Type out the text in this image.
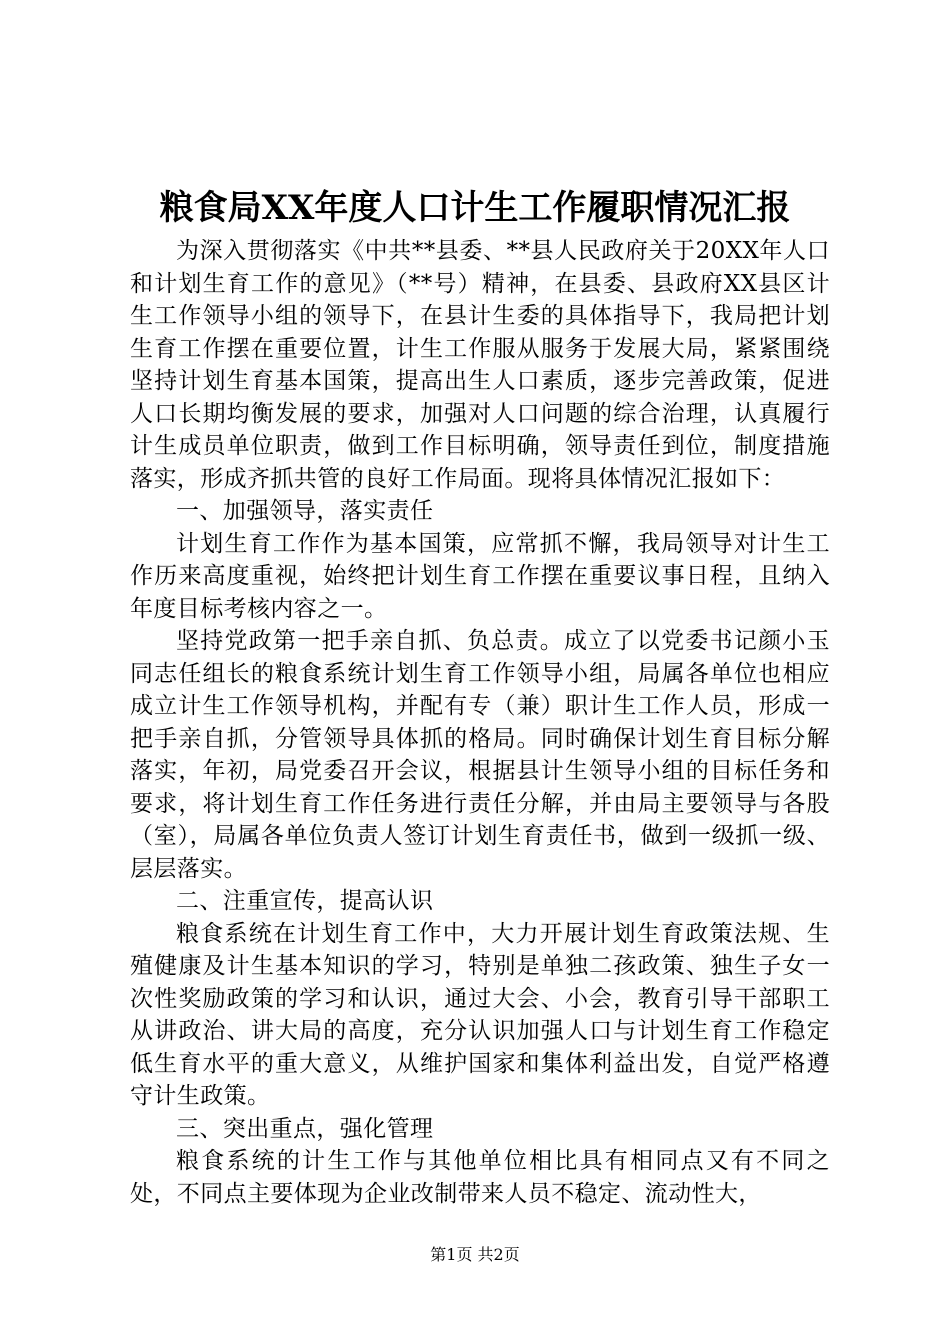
粮食局XX年度人口计生工作履职情况汇报

为深入贯彻落实《中共**县委、**县人民政府关于20XX年人口和计划生育工作的意见》（**号）精神，在县委、县政府XX县区计生工作领导小组的领导下，在县计生委的具体指导下，我局把计划生育工作摆在重要位置，计生工作服从服务于发展大局，紧紧围绕坚持计划生育基本国策，提高出生人口素质，逐步完善政策，促进人口长期均衡发展的要求，加强对人口问题的综合治理，认真履行计生成员单位职责，做到工作目标明确，领导责任到位，制度措施落实，形成齐抓共管的良好工作局面。现将具体情况汇报如下：

一、加强领导，落实责任

计划生育工作作为基本国策，应常抓不懈，我局领导对计生工作历来高度重视，始终把计划生育工作摆在重要议事日程，且纳入年度目标考核内容之一。

坚持党政第一把手亲自抓、负总责。成立了以党委书记颜小玉同志任组长的粮食系统计划生育工作领导小组，局属各单位也相应成立计生工作领导机构，并配有专（兼）职计生工作人员，形成一把手亲自抓，分管领导具体抓的格局。同时确保计划生育目标分解落实，年初，局党委召开会议，根据县计生领导小组的目标任务和要求，将计划生育工作任务进行责任分解，并由局主要领导与各股（室），局属各单位负责人签订计划生育责任书，做到一级抓一级、层层落实。

二、注重宣传，提高认识

粮食系统在计划生育工作中，大力开展计划生育政策法规、生殖健康及计生基本知识的学习，特别是单独二孩政策、独生子女一次性奖励政策的学习和认识，通过大会、小会，教育引导干部职工从讲政治、讲大局的高度，充分认识加强人口与计划生育工作稳定低生育水平的重大意义，从维护国家和集体利益出发，自觉严格遵守计生政策。

三、突出重点，强化管理

粮食系统的计生工作与其他单位相比具有相同点又有不同之处，不同点主要体现为企业改制带来人员不稳定、流动性大，

第1页 共2页
